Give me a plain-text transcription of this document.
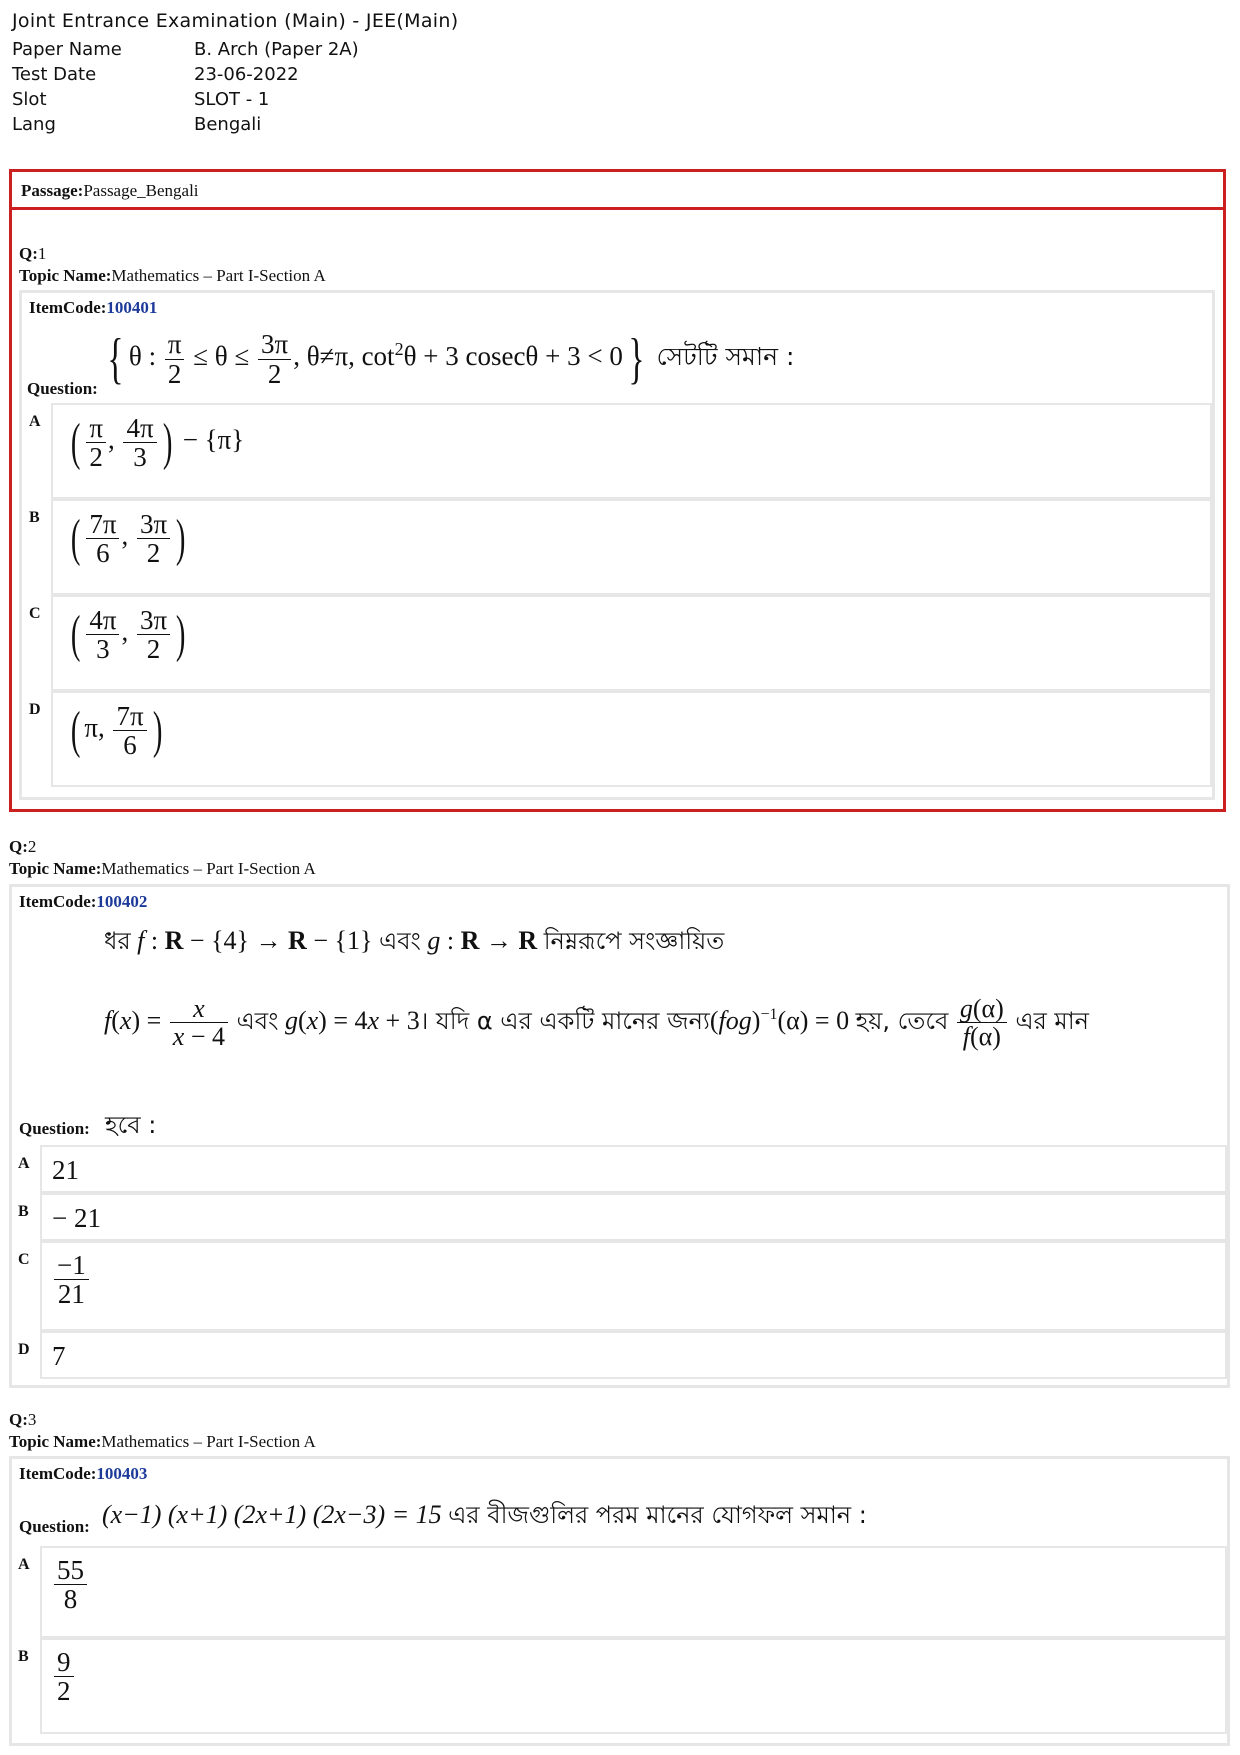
Joint Entrance Examination (Main) - JEE(Main)
Paper Name	B. Arch (Paper 2A)
Test Date	23-06-2022
Slot	SLOT - 1
Lang	Bengali
Passage:Passage_Bengali
Q:1
Topic Name:Mathematics – Part I-Section A
ItemCode:100401
Question: { θ : $\frac{\pi}{2} \le \theta \le \frac{3\pi}{2}$ , θ≠π, $\cot^2\theta + 3$ cosecθ + 3 < 0} সেটটি সমান :
A ( $\frac{\pi}{2}$ , $\frac{4\pi}{3}$ ) − {π}
B ( $\frac{7\pi}{6}$ , $\frac{3\pi}{2}$ )
C ( $\frac{4\pi}{3}$ , $\frac{3\pi}{2}$ )
D ( π, $\frac{7\pi}{6}$ )
Q:2
Topic Name:Mathematics – Part I-Section A
ItemCode:100402
ধর f : R − {4} → R − {1} এবং g : R → R নিম্নরূপে সংজ্ঞায়িত
$f(x) = \frac{x}{x - 4}$ এবং g(x) = 4x + 3। যদি α এর একটি মানের জন্য(fog)$^{-1}$(α) = 0 হয়, তেবে $\frac{g(\alpha)}{f(\alpha)}$ এর মান
Question: হবে :
A 21
B − 21
C $\frac{-1}{21}$
D 7
Q:3
Topic Name:Mathematics – Part I-Section A
ItemCode:100403
Question: (x−1) (x+1) (2x+1) (2x−3) = 15 এর বীজগুলির পরম মানের যোগফল সমান :
A $\frac{55}{8}$
B $\frac{9}{2}$
